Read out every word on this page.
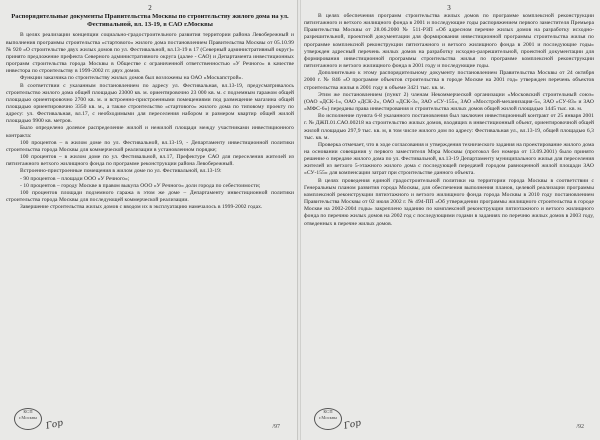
2
Распорядительные документы Правительства Москвы по строительству жилого дома на ул. Фестивальной, вл. 13-19, в САО г.Москвы

В целях реализации концепции социально-градостроительного развития территории района Левобережный и выполнения программы строительства «стартового» жилого дома постановлением Правительства Москвы от 05.10.99 № 920 «О строительстве двух жилых домов по ул. Фестивальной, вл.13-19 в 17 (Северный административный округ)» принято предложение префекта Северного административного округа (далее - САО) и Департамента инвестиционных программ строительства города Москвы в Обществе с ограниченной ответственностью «У Речного» в качестве инвестора по строительству в 1999-2002 гг. двух домов.

Функции заказчика по строительству жилых домов был возложены на ОАО «Москапстрой».

В соответствии с указанным постановлением по адресу ул. Фестивальная, вл.13-19, предусматривалось строительство жилого дома общей площадью 23000 кв. м. ориентировочно 23 000 кв. м. с подземным гаражом общей площадью ориентировочно 2700 кв. м. и встроенно-пристроенными помещениями под размещение магазина общей площадью ориентировочно 3350 кв. м., а также строительство «стартового» жилого дома по типовому проекту по адресу: ул. Фестивальная, вл.17, с необходимыми для переселения набором и размером квартир общей жилой площадью 9900 кв. метров.

Было определено долевое распределение жилой и нежилой площади между участниками инвестиционного контракта:

100 процентов – в жилом доме по ул. Фестивальной, вл.13-19, - Департаменту инвестиционной политики строительства города Москвы для коммерческой реализации в установленном порядке;

100 процентов – в жилом доме по ул. Фестивальной, вл.17, Префектуре САО для переселения жителей из пятиэтажного ветхого жилищного фонда по программе реконструкции района Левобережный.

Встроенно-пристроенные помещения в жилом доме по ул. Фестивальной, вл.13-19:

- 90 процентов – площади ООО «У Речного»;

- 10 процентов – городу Москве в правом выкупа ООО «У Речного» доли города по себестоимости;

100 процентов площади подземного гаража в этом же доме – Департаменту инвестиционной политики строительства города Москвы для последующей коммерческой реализации.

Завершение строительства жилых домов с вводом их в эксплуатацию намечалось в 1999-2002 годах.

КСП
г.Москвы
Гор	/97
3

В целях обеспечения программ строительства жилых домов по программе комплексной реконструкции пятиэтажного и ветхого жилищного фонда в 2001 и последующие годы распоряжением первого заместителя Премьера Правительства Москвы от 28.06.2000 № 511-РЗП «Об адресном перечне жилых домов на разработку исходно-разрешительной, проектной документации для формирования инвестиционной программы строительства жилья по программе комплексной реконструкции пятиэтажного и ветхого жилищного фонда в 2001 и последующие годы» утвержден адресный перечень жилых домов на разработку исходно-разрешительной, проектной документации для формирования инвестиционной программы строительства жилья по программе комплексной реконструкции пятиэтажного и ветхого жилищного фонда в 2001 году и последующие годы.

Дополнительно к этому распорядительному документу постановлением Правительства Москвы от 24 октября 2000 г. № 846 «О программе объектов строительства в городе Москве на 2001 год» утвержден перечень объектов строительства жилья в 2001 году в объеме 3421 тыс. кв. м.

Этим же постановлением (пункт 2) членам Некоммерческой организации «Московский строительный союз» (ОАО «ДСК-1», ОАО «ДСК-2», ОАО «ДСК-3», ЗАО «СУ-155», ЗАО «Мосстрой-механизация-5», ЗАО «СУ-83» и ЗАО «МФС-6») переданы права инвестирования и строительства жилых домов общей жилой площадью 1445 тыс. кв. м.

Во исполнение пункта 6-8 указанного постановления был заключен инвестиционный контракт от 25 января 2001 г. № ДЖП.01.САО.00218 на строительство жилых домов, входящих в инвестиционный объект, ориентировочной общей жилой площадью 297,9 тыс. кв. м, в том числе жилого дом по адресу: Фестивальная ул., вл.13-19, общей площадью 6,3 тыс. кв. м.

Проверка отмечает, что в ходе согласования и утверждения технического задания на проектирование жилого дома на основании совещания у первого заместителя Мэра Москвы (протокол без номера от 13.09.2001) было принято решение о передаче жилого дома по ул. Фестивальной, вл.13-19 Департаменту муниципального жилья для переселения жителей из ветхого 5-этажного жилого дома с последующей передачей городом равноценной жилой площади ЗАО «СУ-155» для компенсации затрат при строительстве данного объекта.

В целях проведения единой градостроительной политики на территории города Москвы в соответствии с Генеральным планом развития города Москвы, для обеспечения выполнения планов, целевой реализации программы комплексной реконструкции пятиэтажного и ветхого жилищного фонда города Москвы в 2010 году постановлением Правительства Москвы от 02 июля 2002 г. № 494-ПП «Об утверждении программы жилищного строительства в городе Москве на 2002-2004 годы» закреплено заданию по комплексной реконструкции пятиэтажного и ветхого жилищного фонда по перечню жилых домов на 2002 год с последующими годами в заданиях по перечню жилых домов в 2003 году, отведенных в перечне жилых домов.

КСП
г.Москвы
Гор	/92
